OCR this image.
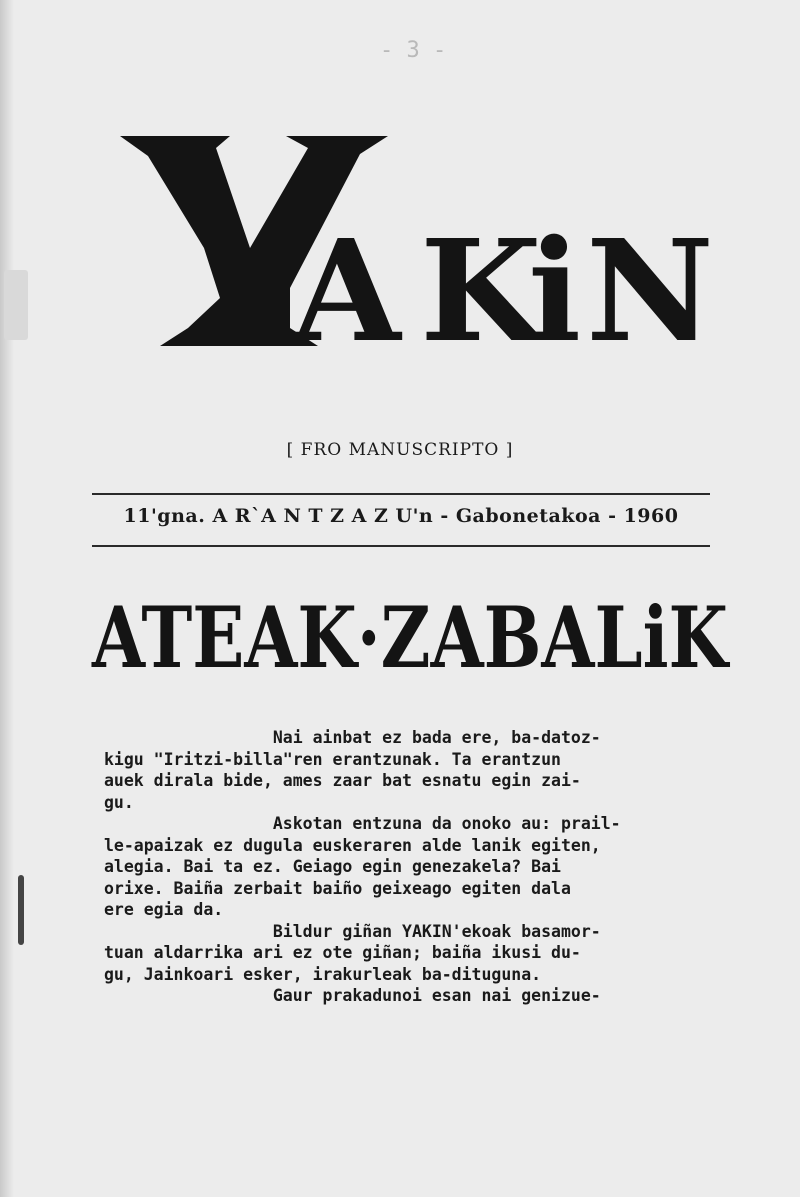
- 3 -
A K
i N
Y
[ FRO MANUSCRIPTO ]
11'gna. A R`A N T Z A Z U'n - Gabonetakoa - 1960
ATEAK·ZABALiK

Nai ainbat ez bada ere, ba-datoz-

kigu "Iritzi-billa"ren erantzunak. Ta erantzun

auek dirala bide, ames zaar bat esnatu egin zai-

gu.

Askotan entzuna da onoko au: prail-

le-apaizak ez dugula euskeraren alde lanik egiten,

alegia. Bai ta ez. Geiago egin genezakela? Bai

orixe. Baiña zerbait baiño geixeago egiten dala

ere egia da.

Bildur giñan YAKIN'ekoak basamor-

tuan aldarrika ari ez ote giñan; baiña ikusi du-

gu, Jainkoari esker, irakurleak ba-dituguna.

Gaur prakadunoi esan nai genizue-
